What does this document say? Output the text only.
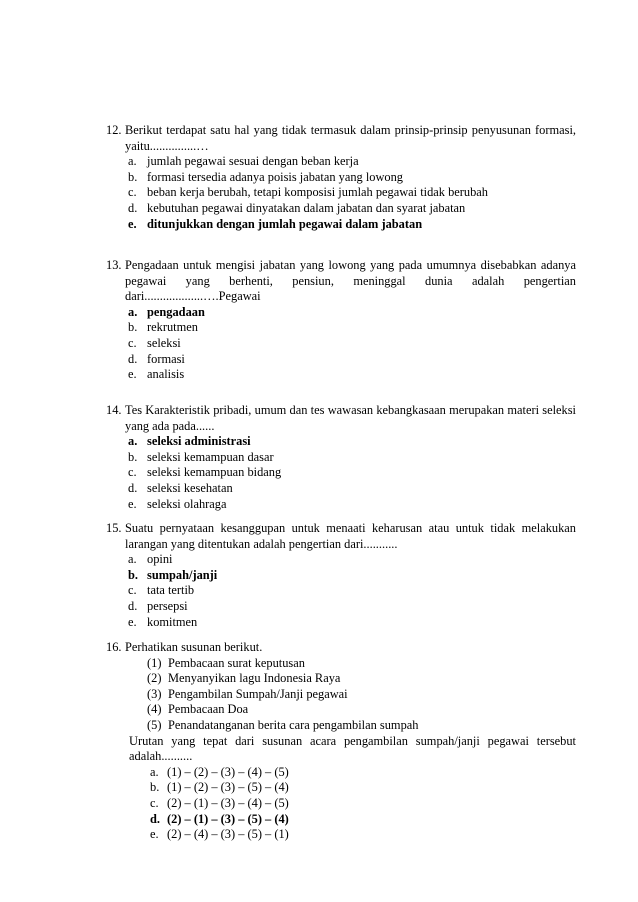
12. Berikut terdapat satu hal yang tidak termasuk dalam prinsip-prinsip penyusunan formasi, yaitu...............…
a. jumlah pegawai sesuai dengan beban kerja
b. formasi tersedia adanya poisis jabatan yang lowong
c. beban kerja berubah, tetapi komposisi jumlah pegawai tidak berubah
d. kebutuhan pegawai dinyatakan dalam jabatan dan syarat jabatan
e. ditunjukkan dengan jumlah pegawai dalam jabatan
13. Pengadaan untuk mengisi jabatan yang lowong yang pada umumnya disebabkan adanya pegawai yang berhenti, pensiun, meninggal dunia adalah pengertian dari...................….Pegawai
a. pengadaan
b. rekrutmen
c. seleksi
d. formasi
e. analisis
14. Tes Karakteristik pribadi, umum dan tes wawasan kebangkasaan merupakan materi seleksi yang ada pada......
a. seleksi administrasi
b. seleksi kemampuan dasar
c. seleksi kemampuan bidang
d. seleksi kesehatan
e. seleksi olahraga
15. Suatu pernyataan kesanggupan untuk menaati keharusan atau untuk tidak melakukan larangan yang ditentukan adalah pengertian dari...........
a. opini
b. sumpah/janji
c. tata tertib
d. persepsi
e. komitmen
16. Perhatikan susunan berikut.
(1) Pembacaan surat keputusan
(2) Menyanyikan lagu Indonesia Raya
(3) Pengambilan Sumpah/Janji pegawai
(4) Pembacaan Doa
(5) Penandatanganan berita cara pengambilan sumpah
Urutan yang tepat dari susunan acara pengambilan sumpah/janji pegawai tersebut adalah..........
a. (1) – (2) – (3) – (4) – (5)
b. (1) – (2) – (3) – (5) – (4)
c. (2) – (1) – (3) – (4) – (5)
d. (2) – (1) – (3) – (5) – (4)
e. (2) – (4) – (3) – (5) – (1)
